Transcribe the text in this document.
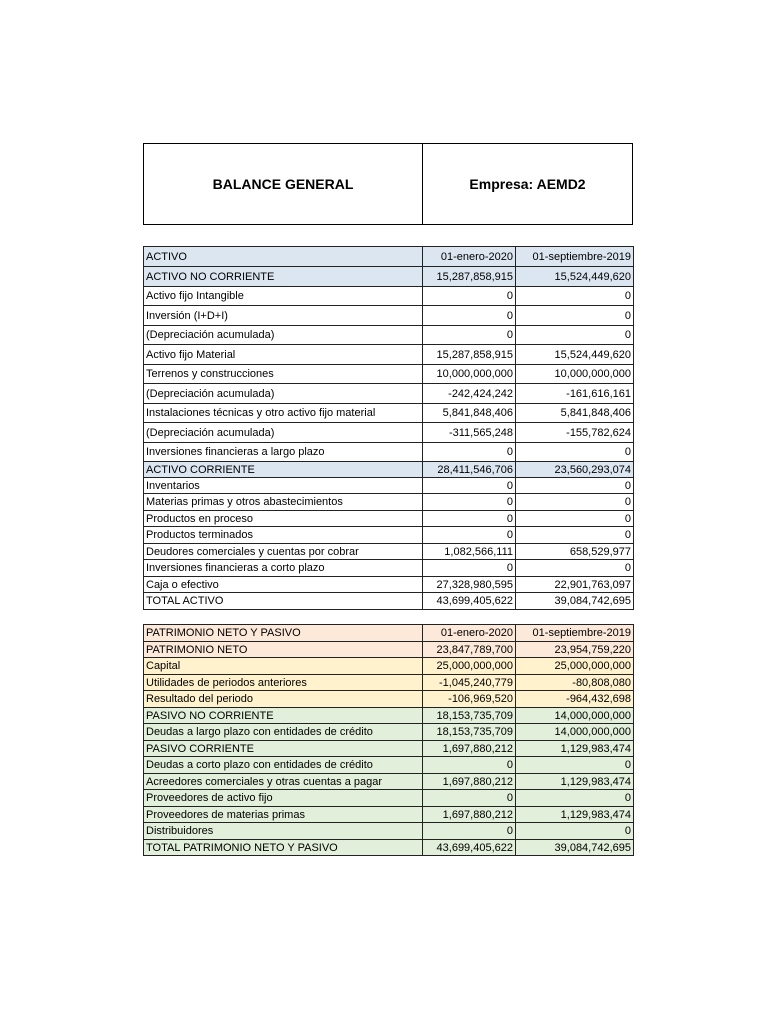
BALANCE GENERAL	Empresa: AEMD2
ACTIVO	01-enero-2020	01-septiembre-2019
ACTIVO NO CORRIENTE	15,287,858,915	15,524,449,620
Activo fijo Intangible	0	0
Inversión (I+D+I)	0	0
(Depreciación acumulada)	0	0
Activo fijo Material	15,287,858,915	15,524,449,620
Terrenos y construcciones	10,000,000,000	10,000,000,000
(Depreciación acumulada)	-242,424,242	-161,616,161
Instalaciones técnicas y otro activo fijo material	5,841,848,406	5,841,848,406
(Depreciación acumulada)	-311,565,248	-155,782,624
Inversiones financieras a largo plazo	0	0
ACTIVO CORRIENTE	28,411,546,706	23,560,293,074
Inventarios	0	0
Materias primas y otros abastecimientos	0	0
Productos en proceso	0	0
Productos terminados	0	0
Deudores comerciales y cuentas por cobrar	1,082,566,111	658,529,977
Inversiones financieras a corto plazo	0	0
Caja o efectivo	27,328,980,595	22,901,763,097
TOTAL ACTIVO	43,699,405,622	39,084,742,695
PATRIMONIO NETO Y PASIVO	01-enero-2020	01-septiembre-2019
PATRIMONIO NETO	23,847,789,700	23,954,759,220
Capital	25,000,000,000	25,000,000,000
Utilidades de periodos anteriores	-1,045,240,779	-80,808,080
Resultado del periodo	-106,969,520	-964,432,698
PASIVO NO CORRIENTE	18,153,735,709	14,000,000,000
Deudas a largo plazo con entidades de crédito	18,153,735,709	14,000,000,000
PASIVO CORRIENTE	1,697,880,212	1,129,983,474
Deudas a corto plazo con entidades de crédito	0	0
Acreedores comerciales y otras cuentas a pagar	1,697,880,212	1,129,983,474
Proveedores de activo fijo	0	0
Proveedores de materias primas	1,697,880,212	1,129,983,474
Distribuidores	0	0
TOTAL PATRIMONIO NETO Y PASIVO	43,699,405,622	39,084,742,695
